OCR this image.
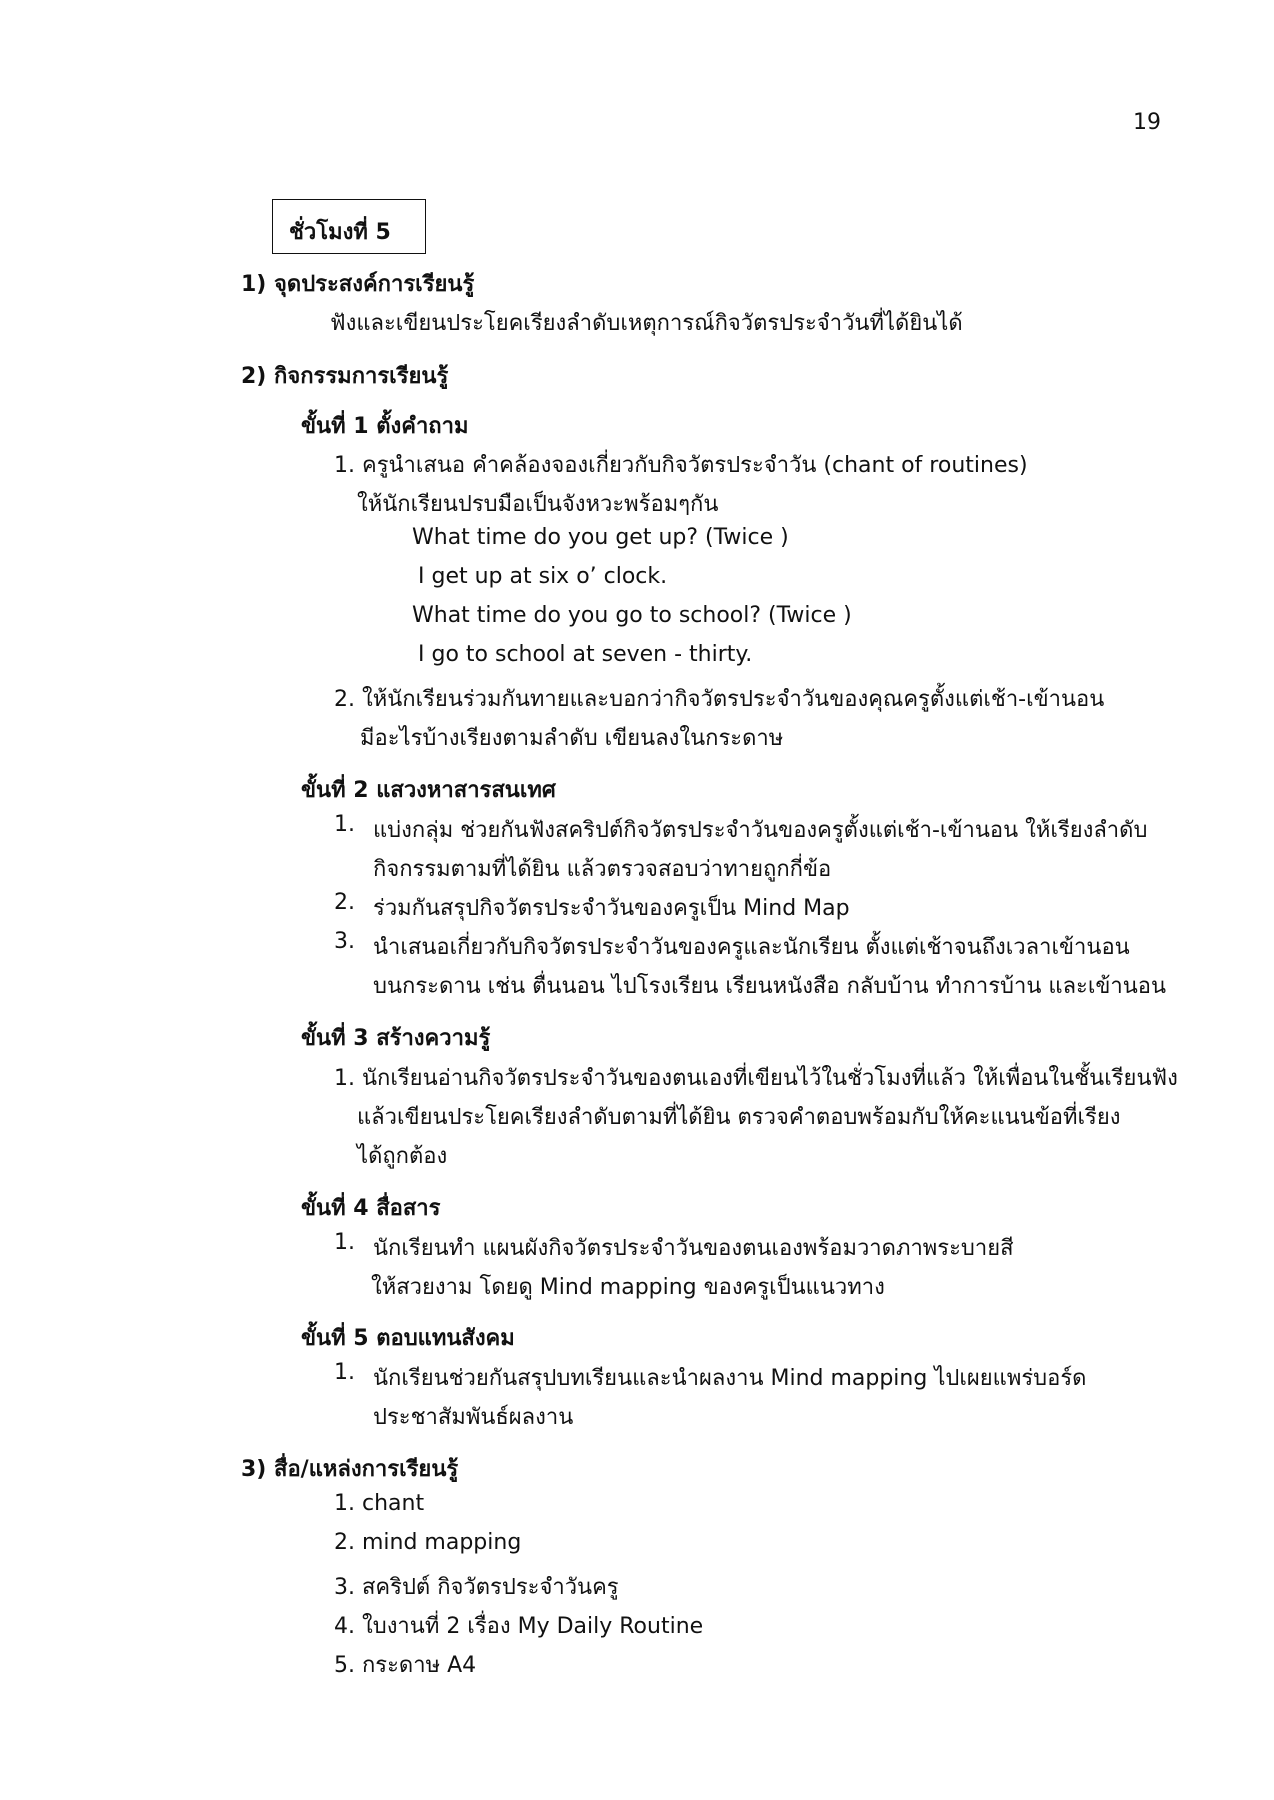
19
ชั่วโมงที่ 5
1) จุดประสงค์การเรียนรู้
ฟังและเขียนประโยคเรียงลำดับเหตุการณ์กิจวัตรประจำวันที่ได้ยินได้
2) กิจกรรมการเรียนรู้
ขั้นที่ 1 ตั้งคำถาม
1. ครูนำเสนอ คำคล้องจองเกี่ยวกับกิจวัตรประจำวัน (chant of routines)
ให้นักเรียนปรบมือเป็นจังหวะพร้อมๆกัน
What time do you get up? (Twice )
I get up at six o’ clock.
What time do you go to school? (Twice )
I go to school at seven - thirty.
2. ให้นักเรียนร่วมกันทายและบอกว่ากิจวัตรประจำวันของคุณครูตั้งแต่เช้า-เข้านอน
มีอะไรบ้างเรียงตามลำดับ เขียนลงในกระดาษ
ขั้นที่ 2 แสวงหาสารสนเทศ
1. แบ่งกลุ่ม ช่วยกันฟังสคริปต์กิจวัตรประจำวันของครูตั้งแต่เช้า-เข้านอน ให้เรียงลำดับ
กิจกรรมตามที่ได้ยิน แล้วตรวจสอบว่าทายถูกกี่ข้อ
2. ร่วมกันสรุปกิจวัตรประจำวันของครูเป็น Mind Map
3. นำเสนอเกี่ยวกับกิจวัตรประจำวันของครูและนักเรียน ตั้งแต่เช้าจนถึงเวลาเข้านอน
บนกระดาน เช่น ตื่นนอน ไปโรงเรียน เรียนหนังสือ กลับบ้าน ทำการบ้าน และเข้านอน
ขั้นที่ 3 สร้างความรู้
1. นักเรียนอ่านกิจวัตรประจำวันของตนเองที่เขียนไว้ในชั่วโมงที่แล้ว ให้เพื่อนในชั้นเรียนฟัง
แล้วเขียนประโยคเรียงลำดับตามที่ได้ยิน ตรวจคำตอบพร้อมกับให้คะแนนข้อที่เรียง
ได้ถูกต้อง
ขั้นที่ 4 สื่อสาร
1. นักเรียนทำ แผนผังกิจวัตรประจำวันของตนเองพร้อมวาดภาพระบายสี
ให้สวยงาม โดยดู Mind mapping ของครูเป็นแนวทาง
ขั้นที่ 5 ตอบแทนสังคม
1. นักเรียนช่วยกันสรุปบทเรียนและนำผลงาน Mind mapping ไปเผยแพร่บอร์ด
ประชาสัมพันธ์ผลงาน
3) สื่อ/แหล่งการเรียนรู้
1. chant
2. mind mapping
3. สคริปต์ กิจวัตรประจำวันครู
4. ใบงานที่ 2 เรื่อง My Daily Routine
5. กระดาษ A4
